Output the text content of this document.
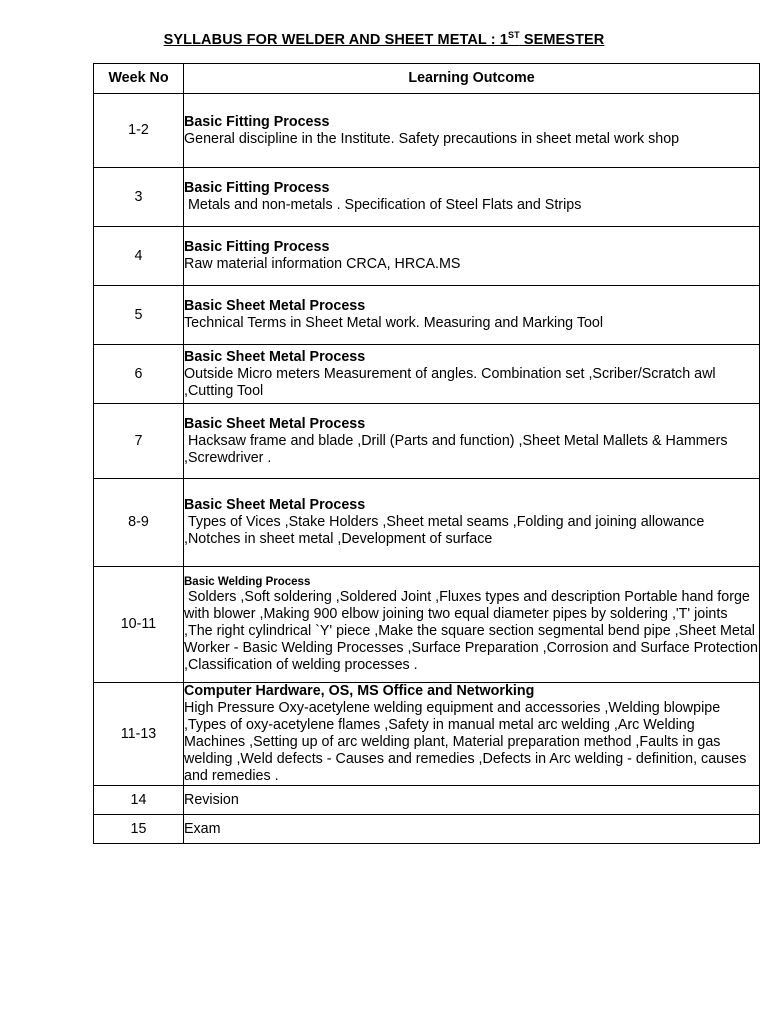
SYLLABUS FOR WELDER AND SHEET METAL : 1ST SEMESTER
Week No	Learning Outcome
1-2	Basic Fitting Process
General discipline in the Institute. Safety precautions in sheet metal work shop

3	Basic Fitting Process
Metals and non-metals . Specification of Steel Flats and Strips

4	Basic Fitting Process
Raw material information CRCA, HRCA.MS

5	Basic Sheet Metal Process
Technical Terms in Sheet Metal work. Measuring and Marking Tool

6	Basic Sheet Metal Process
Outside Micro meters Measurement of angles. Combination set ,Scriber/Scratch awl ,Cutting Tool

7	Basic Sheet Metal Process
Hacksaw frame and blade ,Drill (Parts and function) ,Sheet Metal Mallets & Hammers ,Screwdriver .

8-9	Basic Sheet Metal Process
Types of Vices ,Stake Holders ,Sheet metal seams ,Folding and joining allowance ,Notches in sheet metal ,Development of surface

10-11	Basic Welding Process
Solders ,Soft soldering ,Soldered Joint ,Fluxes types and description Portable hand forge with blower ,Making 900 elbow joining two equal diameter pipes by soldering ,'T' joints ,The right cylindrical `Y' piece ,Make the square section segmental bend pipe ,Sheet Metal Worker - Basic Welding Processes ,Surface Preparation ,Corrosion and Surface Protection ,Classification of welding processes .

11-13	Computer Hardware, OS, MS Office and Networking
High Pressure Oxy-acetylene welding equipment and accessories ,Welding blowpipe ,Types of oxy-acetylene flames ,Safety in manual metal arc welding ,Arc Welding Machines ,Setting up of arc welding plant, Material preparation method ,Faults in gas welding ,Weld defects - Causes and remedies ,Defects in Arc welding - definition, causes and remedies .

14	Revision

15	Exam
